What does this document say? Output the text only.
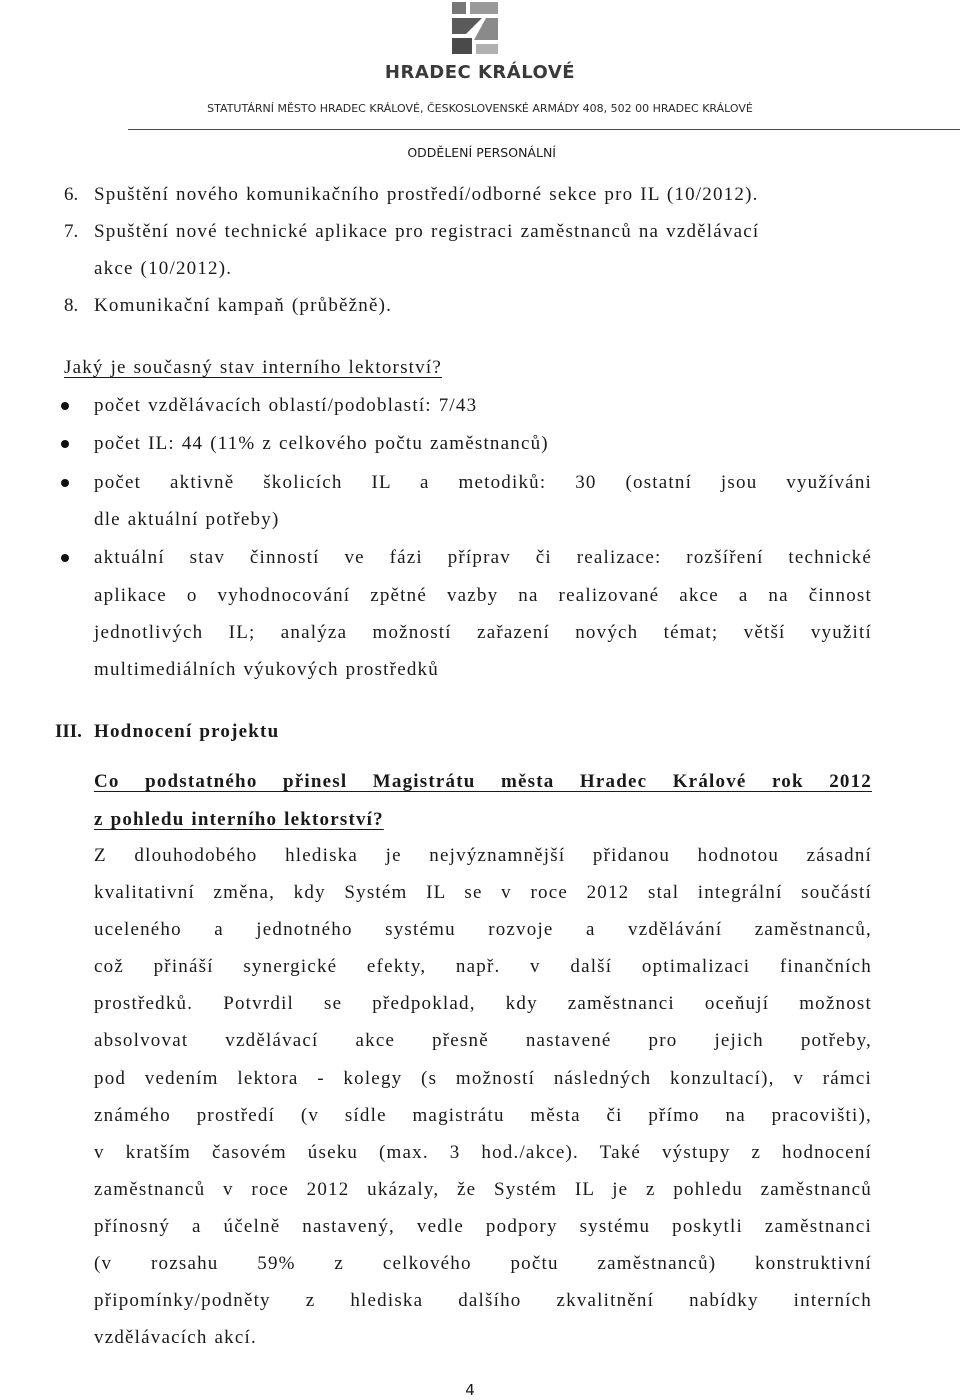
HRADEC KRÁLOVÉ
STATUTÁRNÍ MĚSTO HRADEC KRÁLOVÉ, ČESKOSLOVENSKÉ ARMÁDY 408, 502 00 HRADEC KRÁLOVÉ
ODDĚLENÍ PERSONÁLNÍ
6. Spuštění nového komunikačního prostředí/odborné sekce pro IL (10/2012).
7. Spuštění nové technické aplikace pro registraci zaměstnanců na vzdělávací
akce (10/2012).
8. Komunikační kampaň (průběžně).
Jaký je současný stav interního lektorství?
počet vzdělávacích oblastí/podoblastí: 7/43
počet IL: 44 (11% z celkového počtu zaměstnanců)
počet aktivně školicích IL a metodiků: 30 (ostatní jsou využíváni
dle aktuální potřeby)
aktuální stav činností ve fázi příprav či realizace: rozšíření technické
aplikace o vyhodnocování zpětné vazby na realizované akce a na činnost
jednotlivých IL; analýza možností zařazení nových témat; větší využití
multimediálních výukových prostředků
III. Hodnocení projektu
Co podstatného přinesl Magistrátu města Hradec Králové rok 2012
z pohledu interního lektorství?
Z dlouhodobého hlediska je nejvýznamnější přidanou hodnotou zásadní
kvalitativní změna, kdy Systém IL se v roce 2012 stal integrální součástí
uceleného a jednotného systému rozvoje a vzdělávání zaměstnanců,
což přináší synergické efekty, např. v další optimalizaci finančních
prostředků. Potvrdil se předpoklad, kdy zaměstnanci oceňují možnost
absolvovat vzdělávací akce přesně nastavené pro jejich potřeby,
pod vedením lektora - kolegy (s možností následných konzultací), v rámci
známého prostředí (v sídle magistrátu města či přímo na pracovišti),
v kratším časovém úseku (max. 3 hod./akce). Také výstupy z hodnocení
zaměstnanců v roce 2012 ukázaly, že Systém IL je z pohledu zaměstnanců
přínosný a účelně nastavený, vedle podpory systému poskytli zaměstnanci
(v rozsahu 59% z celkového počtu zaměstnanců) konstruktivní
připomínky/podněty z hlediska dalšího zkvalitnění nabídky interních
vzdělávacích akcí.
4
